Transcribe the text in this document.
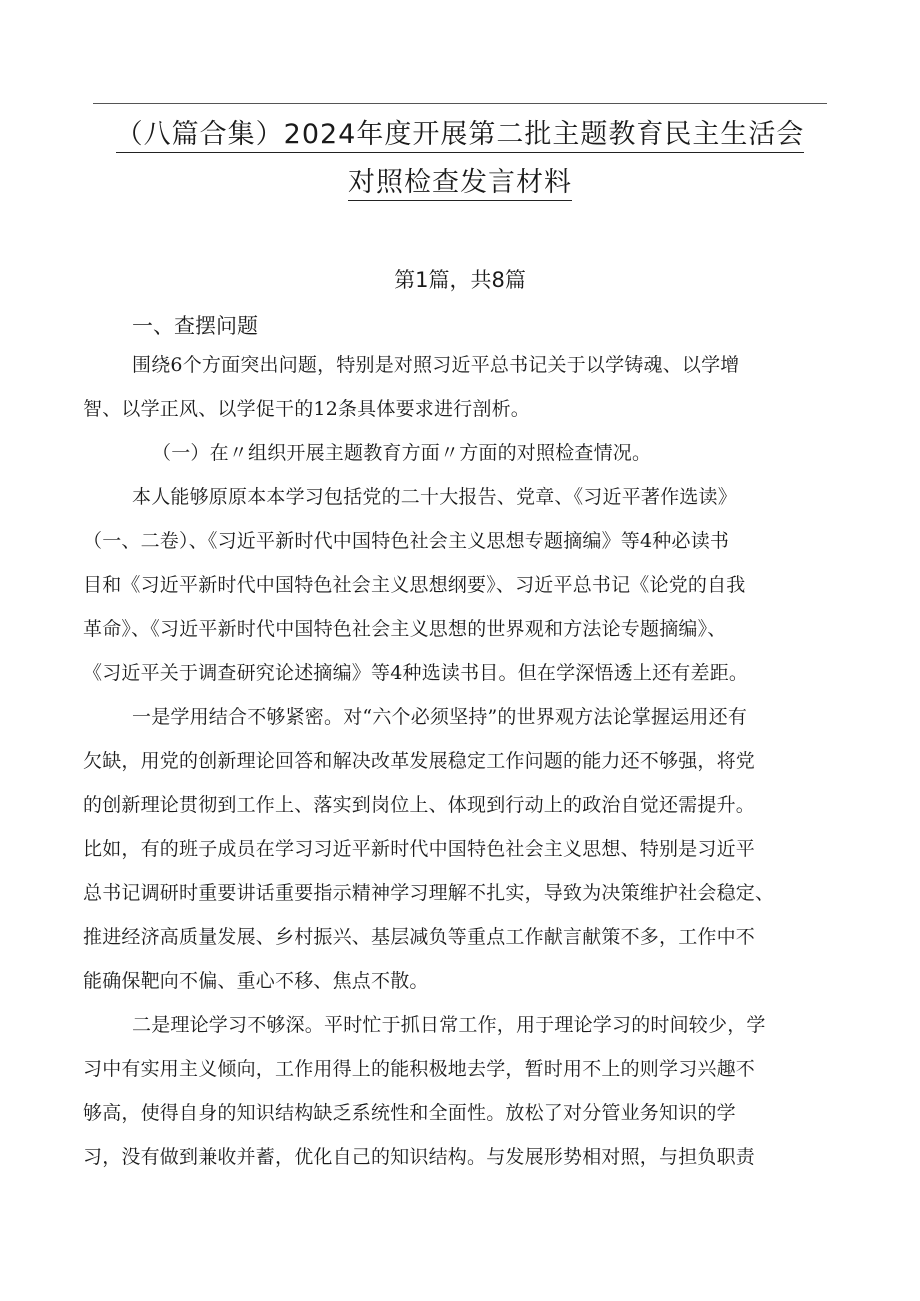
（八篇合集）2024年度开展第二批主题教育民主生活会
对照检查发言材料
第1篇，共8篇
一、查摆问题
围绕6个方面突出问题，特别是对照习近平总书记关于以学铸魂、以学增
智、以学正风、以学促干的12条具体要求进行剖析。
（一）在〃组织开展主题教育方面〃方面的对照检查情况。
本人能够原原本本学习包括党的二十大报告、党章、《习近平著作选读》
（一、二卷）、《习近平新时代中国特色社会主义思想专题摘编》等4种必读书
目和《习近平新时代中国特色社会主义思想纲要》、习近平总书记《论党的自我
革命》、《习近平新时代中国特色社会主义思想的世界观和方法论专题摘编》、
《习近平关于调查研究论述摘编》等4种选读书目。但在学深悟透上还有差距。
一是学用结合不够紧密。对“六个必须坚持”的世界观方法论掌握运用还有
欠缺，用党的创新理论回答和解决改革发展稳定工作问题的能力还不够强，将党
的创新理论贯彻到工作上、落实到岗位上、体现到行动上的政治自觉还需提升。
比如，有的班子成员在学习习近平新时代中国特色社会主义思想、特别是习近平
总书记调研时重要讲话重要指示精神学习理解不扎实，导致为决策维护社会稳定、
推进经济高质量发展、乡村振兴、基层减负等重点工作献言献策不多，工作中不
能确保靶向不偏、重心不移、焦点不散。
二是理论学习不够深。平时忙于抓日常工作，用于理论学习的时间较少，学
习中有实用主义倾向，工作用得上的能积极地去学，暂时用不上的则学习兴趣不
够高，使得自身的知识结构缺乏系统性和全面性。放松了对分管业务知识的学
习，没有做到兼收并蓄，优化自己的知识结构。与发展形势相对照，与担负职责
